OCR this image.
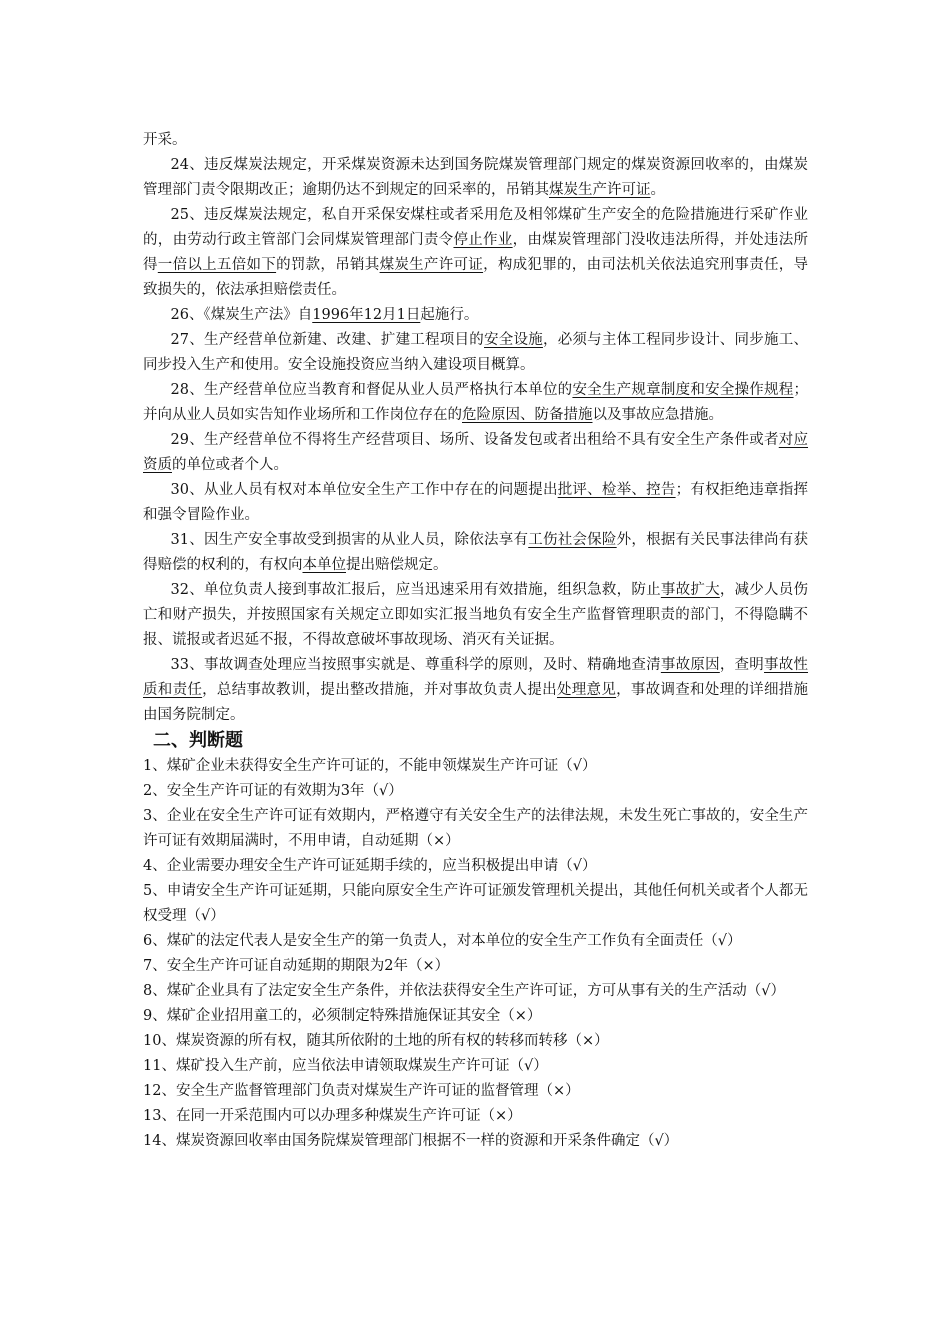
开采。

24、违反煤炭法规定，开采煤炭资源未达到国务院煤炭管理部门规定的煤炭资源回收率的，由煤炭管理部门责令限期改正；逾期仍达不到规定的回采率的，吊销其煤炭生产许可证。

25、违反煤炭法规定，私自开采保安煤柱或者采用危及相邻煤矿生产安全的危险措施进行采矿作业的，由劳动行政主管部门会同煤炭管理部门责令停止作业，由煤炭管理部门没收违法所得，并处违法所得一倍以上五倍如下的罚款，吊销其煤炭生产许可证，构成犯罪的，由司法机关依法追究刑事责任，导致损失的，依法承担赔偿责任。

26、《煤炭生产法》自1996年12月1日起施行。

27、生产经营单位新建、改建、扩建工程项目的安全设施，必须与主体工程同步设计、同步施工、同步投入生产和使用。安全设施投资应当纳入建设项目概算。

28、生产经营单位应当教育和督促从业人员严格执行本单位的安全生产规章制度和安全操作规程；并向从业人员如实告知作业场所和工作岗位存在的危险原因、防备措施以及事故应急措施。

29、生产经营单位不得将生产经营项目、场所、设备发包或者出租给不具有安全生产条件或者对应资质的单位或者个人。

30、从业人员有权对本单位安全生产工作中存在的问题提出批评、检举、控告；有权拒绝违章指挥和强令冒险作业。

31、因生产安全事故受到损害的从业人员，除依法享有工伤社会保险外，根据有关民事法律尚有获得赔偿的权利的，有权向本单位提出赔偿规定。

32、单位负责人接到事故汇报后，应当迅速采用有效措施，组织急救，防止事故扩大，减少人员伤亡和财产损失，并按照国家有关规定立即如实汇报当地负有安全生产监督管理职责的部门，不得隐瞒不报、谎报或者迟延不报，不得故意破坏事故现场、消灭有关证据。

33、事故调查处理应当按照事实就是、尊重科学的原则，及时、精确地查清事故原因，查明事故性质和责任，总结事故教训，提出整改措施，并对事故负责人提出处理意见，事故调查和处理的详细措施由国务院制定。

二、判断题

1、煤矿企业未获得安全生产许可证的，不能申领煤炭生产许可证（√）

2、安全生产许可证的有效期为3年（√）

3、企业在安全生产许可证有效期内，严格遵守有关安全生产的法律法规，未发生死亡事故的，安全生产许可证有效期届满时，不用申请，自动延期（×）

4、企业需要办理安全生产许可证延期手续的，应当积极提出申请（√）

5、申请安全生产许可证延期，只能向原安全生产许可证颁发管理机关提出，其他任何机关或者个人都无权受理（√）

6、煤矿的法定代表人是安全生产的第一负责人，对本单位的安全生产工作负有全面责任（√）

7、安全生产许可证自动延期的期限为2年（×）

8、煤矿企业具有了法定安全生产条件，并依法获得安全生产许可证，方可从事有关的生产活动（√）

9、煤矿企业招用童工的，必须制定特殊措施保证其安全（×）

10、煤炭资源的所有权，随其所依附的土地的所有权的转移而转移（×）

11、煤矿投入生产前，应当依法申请领取煤炭生产许可证（√）

12、安全生产监督管理部门负责对煤炭生产许可证的监督管理（×）

13、在同一开采范围内可以办理多种煤炭生产许可证（×）

14、煤炭资源回收率由国务院煤炭管理部门根据不一样的资源和开采条件确定（√）
